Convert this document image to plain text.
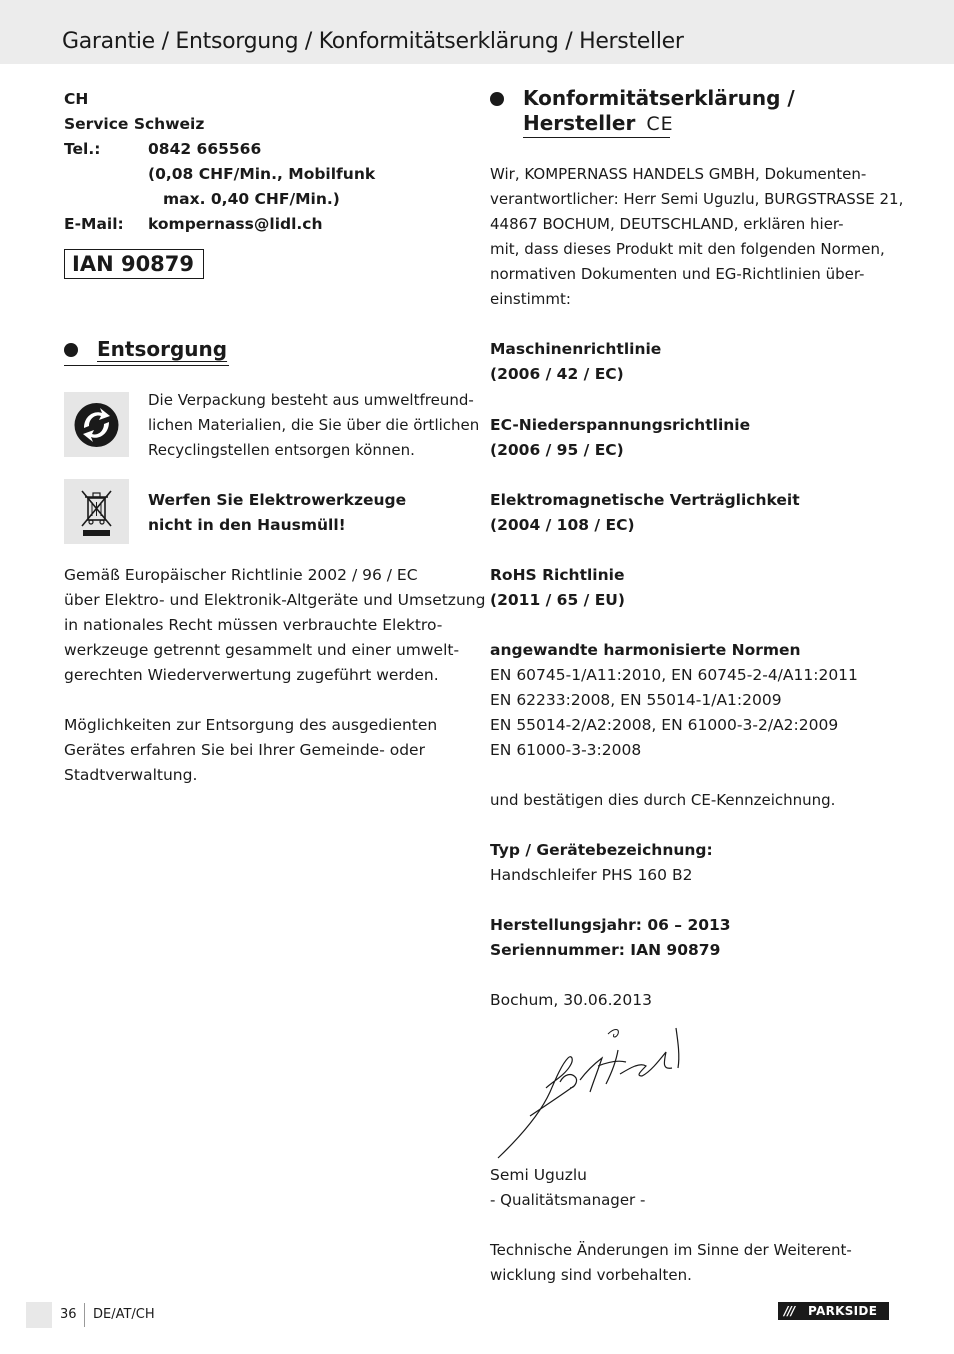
Garantie / Entsorgung / Konformitätserklärung / Hersteller
CH
Service Schweiz
Tel.:	0842 665566
(0,08 CHF/Min., Mobilfunk
max. 0,40 CHF/Min.)
E-Mail: kompernass@lidl.ch
IAN 90879
Entsorgung
Die Verpackung besteht aus umweltfreund-
lichen Materialien, die Sie über die örtlichen
Recyclingstellen entsorgen können.
Werfen Sie Elektrowerkzeuge
nicht in den Hausmüll!
Gemäß Europäischer Richtlinie 2002 / 96 / EC
über Elektro- und Elektronik-Altgeräte und Umsetzung
in nationales Recht müssen verbrauchte Elektro-
werkzeuge getrennt gesammelt und einer umwelt-
gerechten Wiederverwertung zugeführt werden.
Möglichkeiten zur Entsorgung des ausgedienten
Gerätes erfahren Sie bei Ihrer Gemeinde- oder
Stadtverwaltung.
Konformitätserklärung /
Hersteller CE
Wir, KOMPERNASS HANDELS GMBH, Dokumenten-
verantwortlicher: Herr Semi Uguzlu, BURGSTRASSE 21,
44867 BOCHUM, DEUTSCHLAND, erklären hier-
mit, dass dieses Produkt mit den folgenden Normen,
normativen Dokumenten und EG-Richtlinien über-
einstimmt:
Maschinenrichtlinie
(2006 / 42 / EC)
EC-Niederspannungsrichtlinie
(2006 / 95 / EC)
Elektromagnetische Verträglichkeit
(2004 / 108 / EC)
RoHS Richtlinie
(2011 / 65 / EU)
angewandte harmonisierte Normen
EN 60745-1/A11:2010, EN 60745-2-4/A11:2011
EN 62233:2008, EN 55014-1/A1:2009
EN 55014-2/A2:2008, EN 61000-3-2/A2:2009
EN 61000-3-3:2008
und bestätigen dies durch CE-Kennzeichnung.
Typ / Gerätebezeichnung:
Handschleifer PHS 160 B2
Herstellungsjahr: 06 – 2013
Seriennummer: IAN 90879
Bochum, 30.06.2013
Semi Uguzlu
- Qualitätsmanager -
Technische Änderungen im Sinne der Weiterent-
wicklung sind vorbehalten.
36 DE/AT/CH	/// PARKSIDE
